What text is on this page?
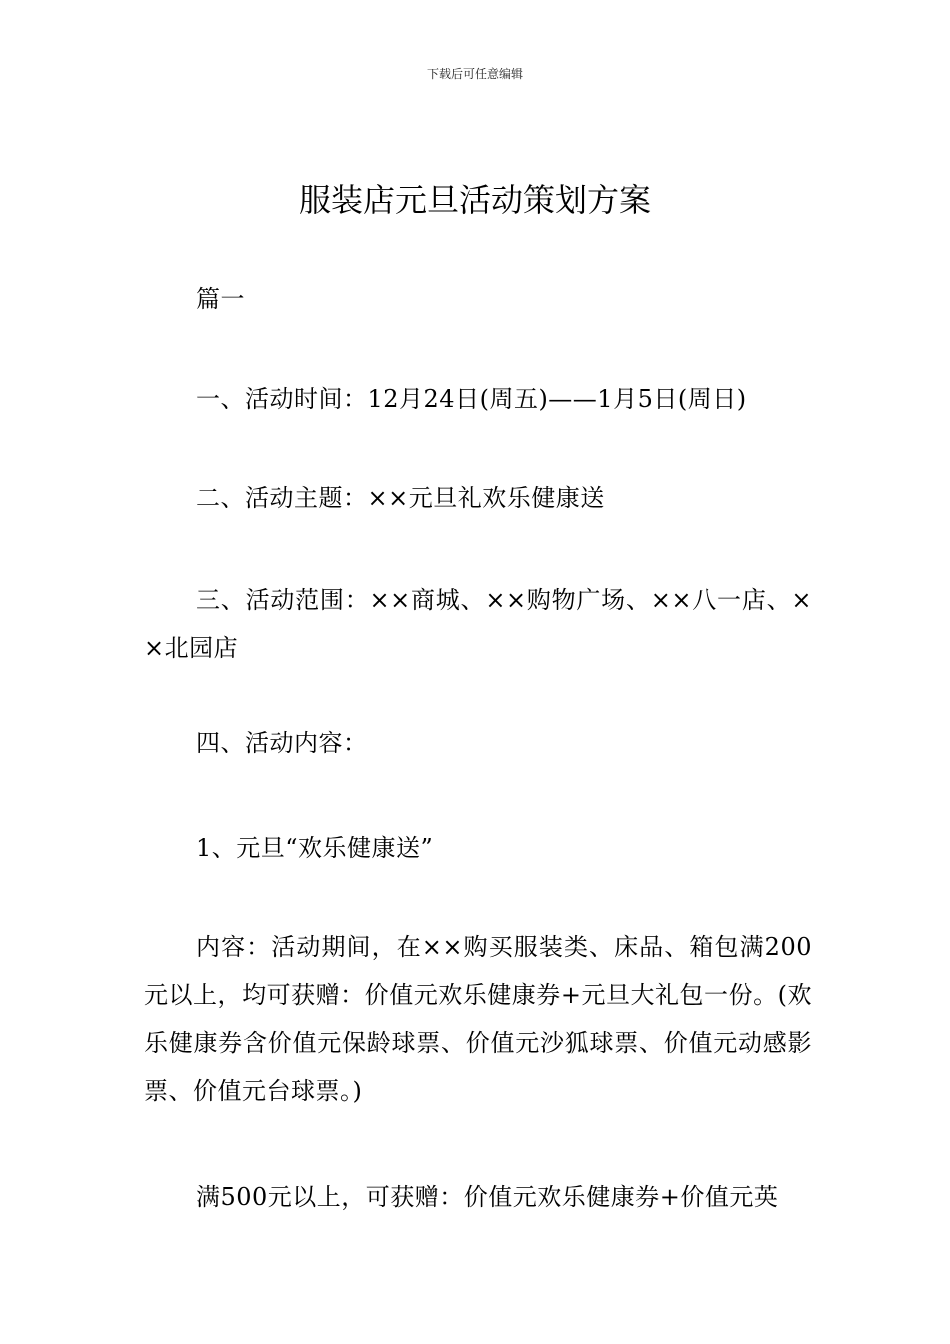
下载后可任意编辑
服装店元旦活动策划方案

篇一

一、活动时间：12月24日(周五)——1月5日(周日)

二、活动主题：××元旦礼欢乐健康送

三、活动范围：××商城、××购物广场、××八一店、××北园店

四、活动内容：

1、元旦“欢乐健康送”

内容：活动期间，在××购买服装类、床品、箱包满200元以上，均可获赠：价值元欢乐健康券+元旦大礼包一份。(欢乐健康券含价值元保龄球票、价值元沙狐球票、价值元动感影票、价值元台球票。)

满500元以上，可获赠：价值元欢乐健康券+价值元英
